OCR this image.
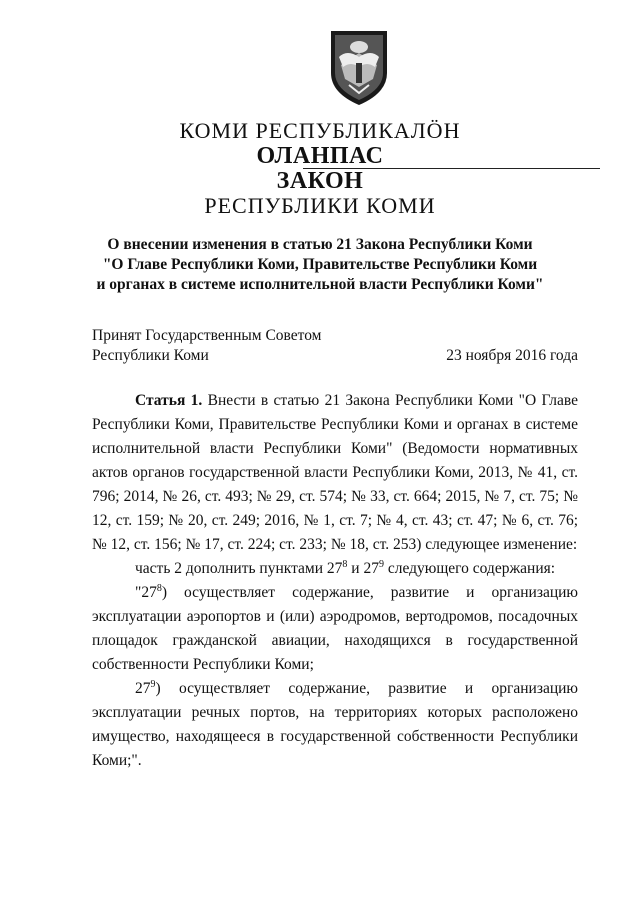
КОМИ РЕСПУБЛИКАЛÖН
ОЛАНПАС
ЗАКОН
РЕСПУБЛИКИ КОМИ
О внесении изменения в статью 21 Закона Республики Коми
"О Главе Республики Коми, Правительстве Республики Коми
и органах в системе исполнительной власти Республики Коми"
Принят Государственным Советом
Республики Коми	23 ноября 2016 года

Статья 1. Внести в статью 21 Закона Республики Коми "О Главе Республики Коми, Правительстве Республики Коми и органах в системе исполнительной власти Республики Коми" (Ведомости нормативных актов органов государственной власти Республики Коми, 2013, № 41, ст. 796; 2014, № 26, ст. 493; № 29, ст. 574; № 33, ст. 664; 2015, № 7, ст. 75; № 12, ст. 159; № 20, ст. 249; 2016, № 1, ст. 7; № 4, ст. 43; ст. 47; № 6, ст. 76; № 12, ст. 156; № 17, ст. 224; ст. 233; № 18, ст. 253) следующее изменение:

часть 2 дополнить пунктами $27^8$ и $27^9$ следующего содержания:

"$27^8$) осуществляет содержание, развитие и организацию эксплуатации аэропортов и (или) аэродромов, вертодромов, посадочных площадок гражданской авиации, находящихся в государственной собственности Республики Коми;

$27^9$) осуществляет содержание, развитие и организацию эксплуатации речных портов, на территориях которых расположено имущество, находящееся в государственной собственности Республики Коми;".
